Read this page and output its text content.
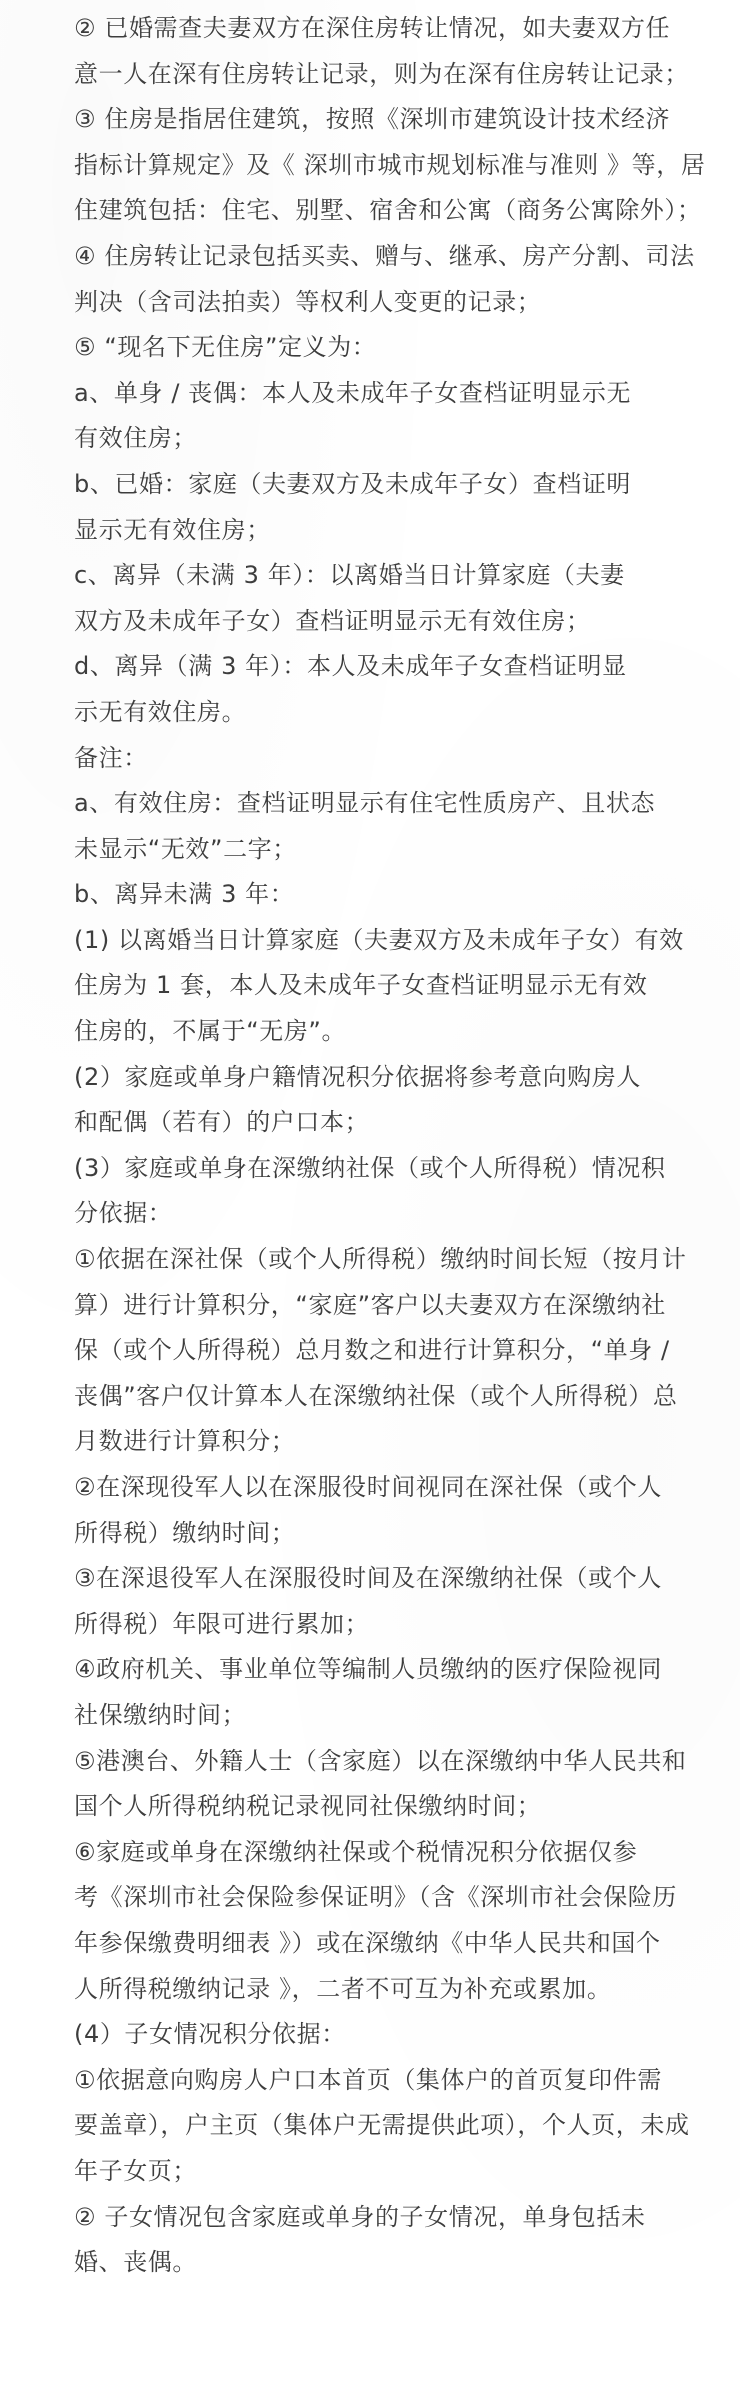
② 已婚需查夫妻双方在深住房转让情况，如夫妻双方任
意一人在深有住房转让记录，则为在深有住房转让记录；
③ 住房是指居住建筑，按照《深圳市建筑设计技术经济
指标计算规定》及《 深圳市城市规划标准与准则 》等，居
住建筑包括：住宅、别墅、宿舍和公寓（商务公寓除外）；
④ 住房转让记录包括买卖、赠与、继承、房产分割、司法
判决（含司法拍卖）等权利人变更的记录；
⑤ “现名下无住房”定义为：
a、单身 / 丧偶：本人及未成年子女查档证明显示无
有效住房；
b、已婚：家庭（夫妻双方及未成年子女）查档证明
显示无有效住房；
c、离异（未满 3 年）：以离婚当日计算家庭（夫妻
双方及未成年子女）查档证明显示无有效住房；
d、离异（满 3 年）：本人及未成年子女查档证明显
示无有效住房。
备注：
a、有效住房：查档证明显示有住宅性质房产、且状态
未显示“无效”二字；
b、离异未满 3 年：
(1) 以离婚当日计算家庭（夫妻双方及未成年子女）有效
住房为 1 套，本人及未成年子女查档证明显示无有效
住房的，不属于“无房”。
(2）家庭或单身户籍情况积分依据将参考意向购房人
和配偶（若有）的户口本；
(3）家庭或单身在深缴纳社保（或个人所得税）情况积
分依据：
①依据在深社保（或个人所得税）缴纳时间长短（按月计
算）进行计算积分，“家庭”客户以夫妻双方在深缴纳社
保（或个人所得税）总月数之和进行计算积分，“单身 /
丧偶”客户仅计算本人在深缴纳社保（或个人所得税）总
月数进行计算积分；
②在深现役军人以在深服役时间视同在深社保（或个人
所得税）缴纳时间；
③在深退役军人在深服役时间及在深缴纳社保（或个人
所得税）年限可进行累加；
④政府机关、事业单位等编制人员缴纳的医疗保险视同
社保缴纳时间；
⑤港澳台、外籍人士（含家庭）以在深缴纳中华人民共和
国个人所得税纳税记录视同社保缴纳时间；
⑥家庭或单身在深缴纳社保或个税情况积分依据仅参
考《深圳市社会保险参保证明》（含《深圳市社会保险历
年参保缴费明细表 》）或在深缴纳《中华人民共和国个
人所得税缴纳记录 》，二者不可互为补充或累加。
(4）子女情况积分依据：
①依据意向购房人户口本首页（集体户的首页复印件需
要盖章），户主页（集体户无需提供此项），个人页，未成
年子女页；
② 子女情况包含家庭或单身的子女情况，单身包括未
婚、丧偶。
